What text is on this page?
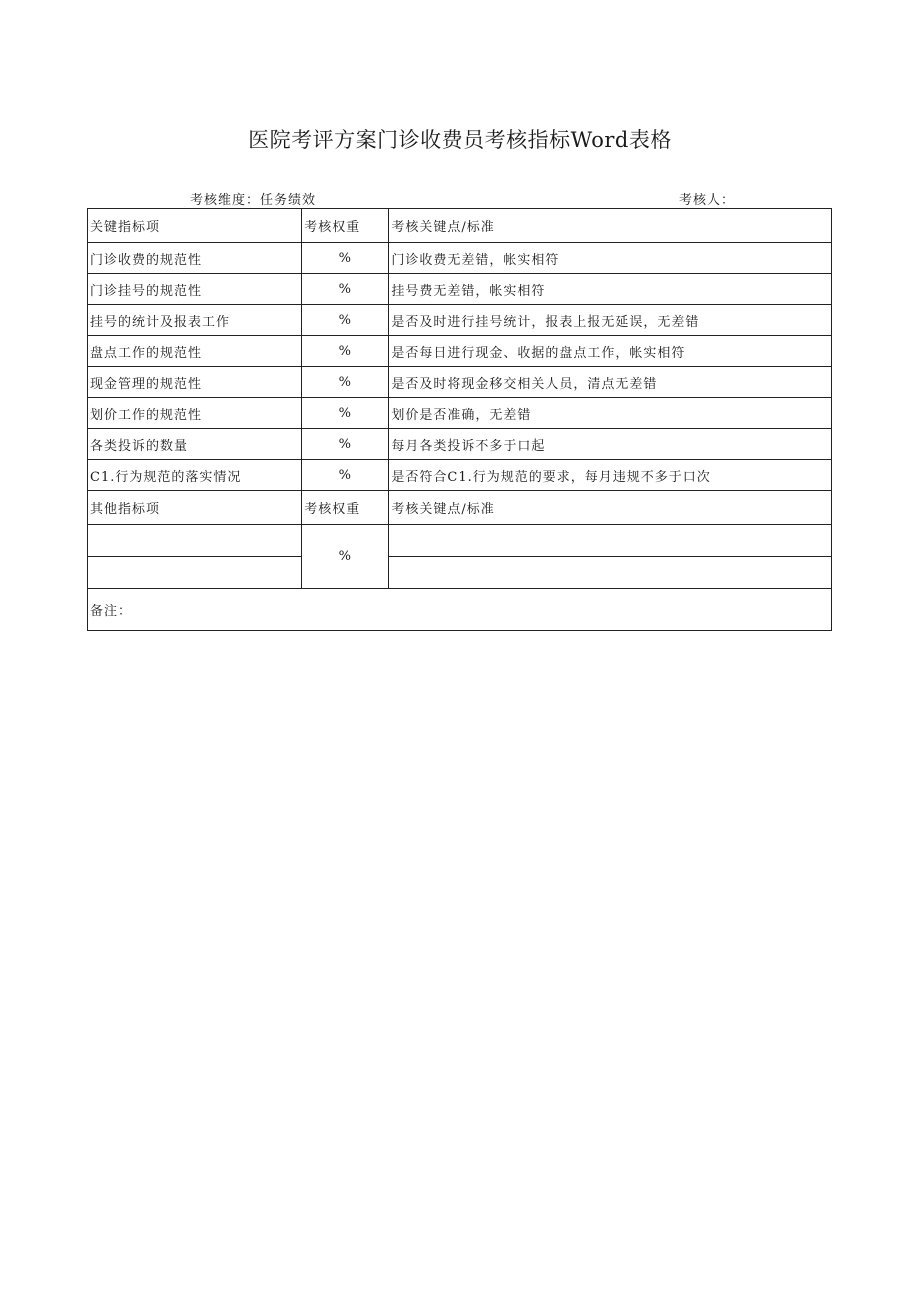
医院考评方案门诊收费员考核指标Word表格
考核维度：任务绩效	考核人：
关键指标项	考核权重	考核关键点/标准
门诊收费的规范性	%	门诊收费无差错，帐实相符
门诊挂号的规范性	%	挂号费无差错，帐实相符
挂号的统计及报表工作	%	是否及时进行挂号统计，报表上报无延误，无差错
盘点工作的规范性	%	是否每日进行现金、收据的盘点工作，帐实相符
现金管理的规范性	%	是否及时将现金移交相关人员，清点无差错
划价工作的规范性	%	划价是否准确，无差错
各类投诉的数量	%	每月各类投诉不多于口起
C1.行为规范的落实情况	%	是否符合C1.行为规范的要求，每月违规不多于口次
其他指标项	考核权重	考核关键点/标准
	%	

备注：		
